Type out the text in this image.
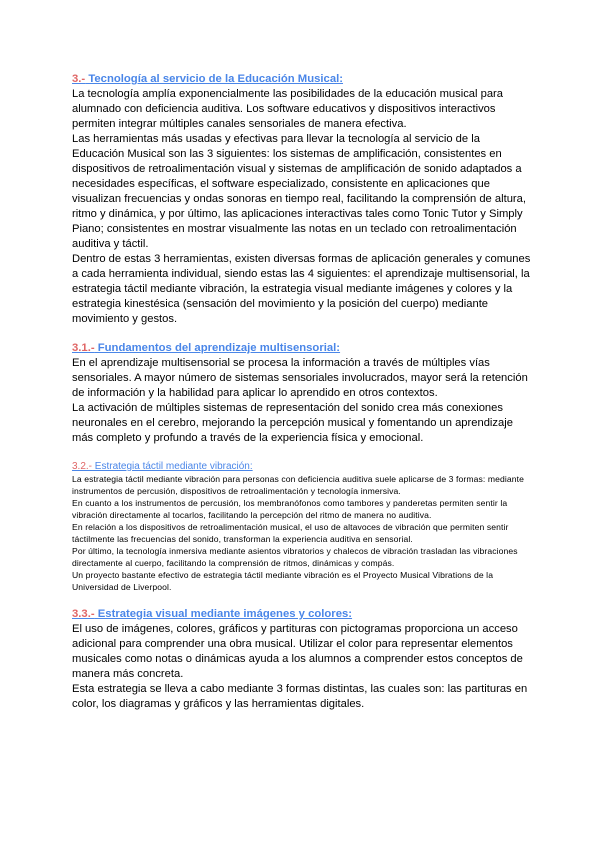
3.- Tecnología al servicio de la Educación Musical:

La tecnología amplía exponencialmente las posibilidades de la educación musical para alumnado con deficiencia auditiva. Los software educativos y dispositivos interactivos permiten integrar múltiples canales sensoriales de manera efectiva.

Las herramientas más usadas y efectivas para llevar la tecnología al servicio de la Educación Musical son las 3 siguientes: los sistemas de amplificación, consistentes en dispositivos de retroalimentación visual y sistemas de amplificación de sonido adaptados a necesidades específicas, el software especializado, consistente en aplicaciones que visualizan frecuencias y ondas sonoras en tiempo real, facilitando la comprensión de altura, ritmo y dinámica, y por último, las aplicaciones interactivas tales como Tonic Tutor y Simply Piano; consistentes en mostrar visualmente las notas en un teclado con retroalimentación auditiva y táctil.

Dentro de estas 3 herramientas, existen diversas formas de aplicación generales y comunes a cada herramienta individual, siendo estas las 4 siguientes: el aprendizaje multisensorial, la estrategia táctil mediante vibración, la estrategia visual mediante imágenes y colores y la estrategia kinestésica (sensación del movimiento y la posición del cuerpo) mediante movimiento y gestos.

3.1.- Fundamentos del aprendizaje multisensorial:

En el aprendizaje multisensorial se procesa la información a través de múltiples vías sensoriales. A mayor número de sistemas sensoriales involucrados, mayor será la retención de información y la habilidad para aplicar lo aprendido en otros contextos.

La activación de múltiples sistemas de representación del sonido crea más conexiones neuronales en el cerebro, mejorando la percepción musical y fomentando un aprendizaje más completo y profundo a través de la experiencia física y emocional.

3.2.- Estrategia táctil mediante vibración:

La estrategia táctil mediante vibración para personas con deficiencia auditiva suele aplicarse de 3 formas: mediante instrumentos de percusión, dispositivos de retroalimentación y tecnología inmersiva.

En cuanto a los instrumentos de percusión, los membranófonos como tambores y panderetas permiten sentir la vibración directamente al tocarlos, facilitando la percepción del ritmo de manera no auditiva.

En relación a los dispositivos de retroalimentación musical, el uso de altavoces de vibración que permiten sentir táctilmente las frecuencias del sonido, transforman la experiencia auditiva en sensorial.

Por último, la tecnología inmersiva mediante asientos vibratorios y chalecos de vibración trasladan las vibraciones directamente al cuerpo, facilitando la comprensión de ritmos, dinámicas y compás.

Un proyecto bastante efectivo de estrategia táctil mediante vibración es el Proyecto Musical Vibrations de la Universidad de Liverpool.

3.3.- Estrategia visual mediante imágenes y colores:

El uso de imágenes, colores, gráficos y partituras con pictogramas proporciona un acceso adicional para comprender una obra musical. Utilizar el color para representar elementos musicales como notas o dinámicas ayuda a los alumnos a comprender estos conceptos de manera más concreta.

Esta estrategia se lleva a cabo mediante 3 formas distintas, las cuales son: las partituras en color, los diagramas y gráficos y las herramientas digitales.
